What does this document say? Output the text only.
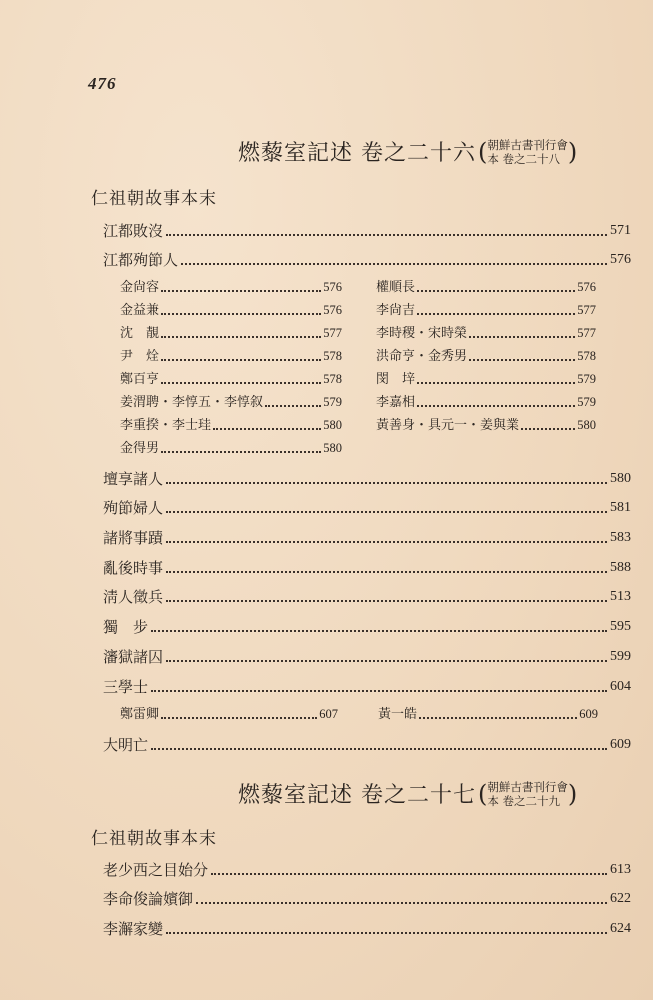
476
燃藜室記述 卷之二十六 ( 朝鮮古書刊行會
本 卷之二十八 )
仁祖朝故事本末
江都敗沒	571
江都殉節人	576
金尙容	576	權順長	576
金益兼	576	李尙吉	577
沈　靚	577	李時稷・宋時榮	577
尹　烇	578	洪命亨・金秀男	578
鄭百亨	578	閔　垶	579
姜渭聘・李惇五・李惇叙	579	李嘉相	579
李重揆・李士珪	580	黃善身・具元一・姜與業	580
金得男	580
壇享諸人	580
殉節婦人	581
諸將事蹟	583
亂後時事	588
淸人徵兵	513
獨　步	595
瀋獄諸囚	599
三學士	604
鄭雷卿	607	黃一皓	609
大明亡	609
燃藜室記述 卷之二十七 ( 朝鮮古書刊行會
本 卷之二十九 )
仁祖朝故事本末
老少西之目始分	613
李命俊論嬪御	622
李澥家變	624
